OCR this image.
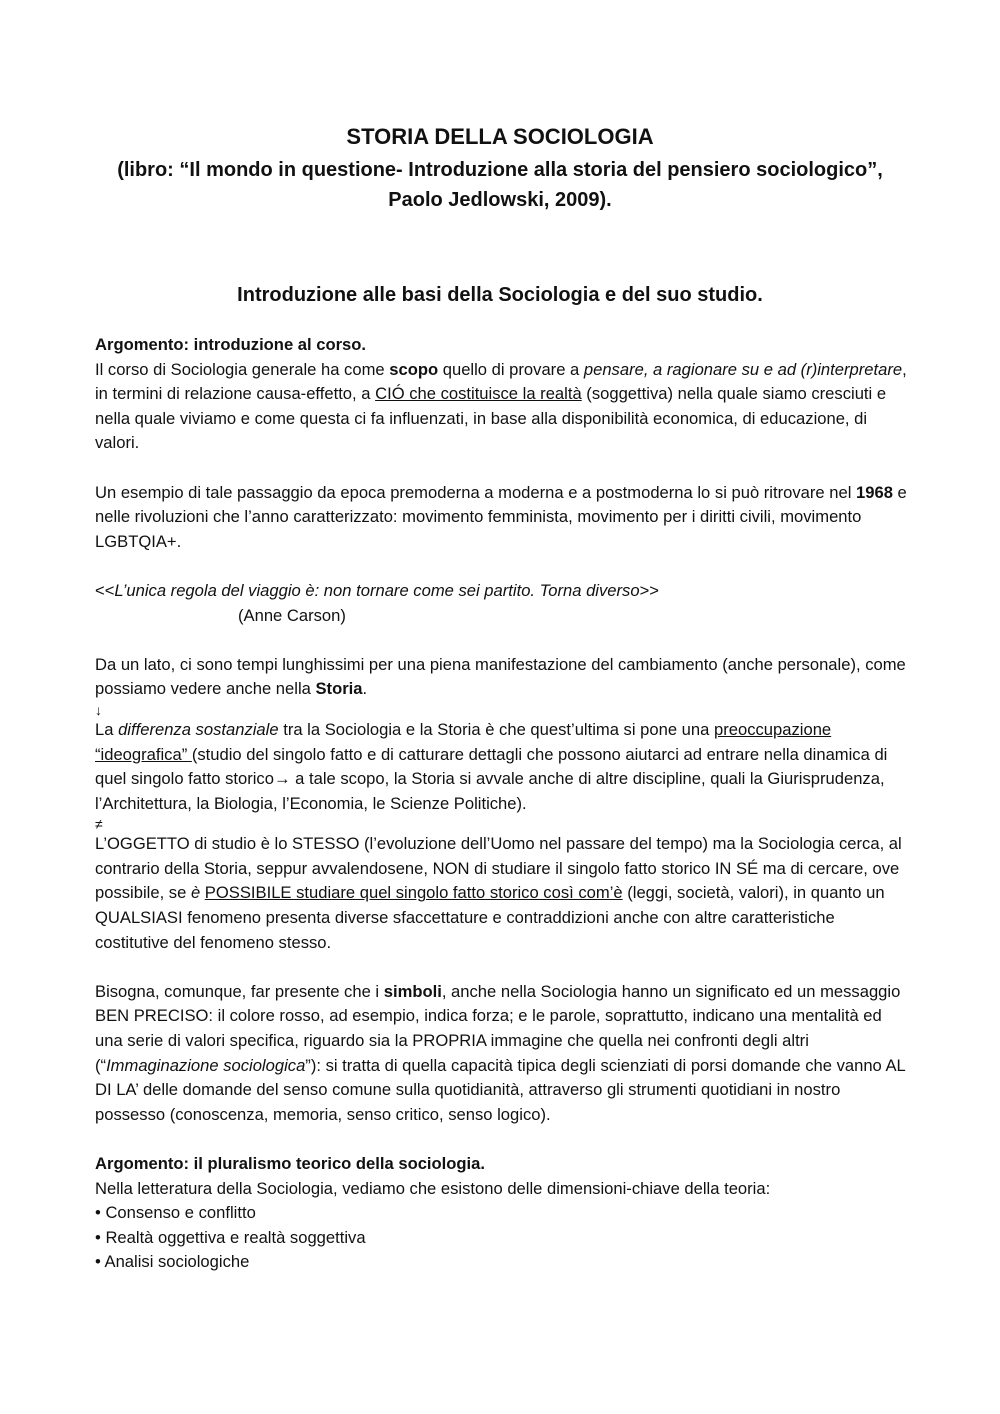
STORIA DELLA SOCIOLOGIA
(libro: “Il mondo in questione- Introduzione alla storia del pensiero sociologico”, Paolo Jedlowski, 2009).
Introduzione alle basi della Sociologia e del suo studio.

Argomento: introduzione al corso.

Il corso di Sociologia generale ha come scopo quello di provare a pensare, a ragionare su e ad (r)interpretare, in termini di relazione causa-effetto, a CIÓ che costituisce la realtà (soggettiva) nella quale siamo cresciuti e nella quale viviamo e come questa ci fa influenzati, in base alla disponibilità economica, di educazione, di valori.

Un esempio di tale passaggio da epoca premoderna a moderna e a postmoderna lo si può ritrovare nel 1968 e nelle rivoluzioni che l’anno caratterizzato: movimento femminista, movimento per i diritti civili, movimento LGBTQIA+.

<<L’unica regola del viaggio è: non tornare come sei partito. Torna diverso>>

(Anne Carson)

Da un lato, ci sono tempi lunghissimi per una piena manifestazione del cambiamento (anche personale), come possiamo vedere anche nella Storia.

↓

La differenza sostanziale tra la Sociologia e la Storia è che quest’ultima si pone una preoccupazione “ideografica” (studio del singolo fatto e di catturare dettagli che possono aiutarci ad entrare nella dinamica di quel singolo fatto storico→ a tale scopo, la Storia si avvale anche di altre discipline, quali la Giurisprudenza, l’Architettura, la Biologia, l’Economia, le Scienze Politiche).

≠

L’OGGETTO di studio è lo STESSO (l’evoluzione dell’Uomo nel passare del tempo) ma la Sociologia cerca, al contrario della Storia, seppur avvalendosene, NON di studiare il singolo fatto storico IN SÉ ma di cercare, ove possibile, se è POSSIBILE studiare quel singolo fatto storico così com’è (leggi, società, valori), in quanto un QUALSIASI fenomeno presenta diverse sfaccettature e contraddizioni anche con altre caratteristiche costitutive del fenomeno stesso.

Bisogna, comunque, far presente che i simboli, anche nella Sociologia hanno un significato ed un messaggio BEN PRECISO: il colore rosso, ad esempio, indica forza; e le parole, soprattutto, indicano una mentalità ed una serie di valori specifica, riguardo sia la PROPRIA immagine che quella nei confronti degli altri (“Immaginazione sociologica”): si tratta di quella capacità tipica degli scienziati di porsi domande che vanno AL DI LA’ delle domande del senso comune sulla quotidianità, attraverso gli strumenti quotidiani in nostro possesso (conoscenza, memoria, senso critico, senso logico).

Argomento: il pluralismo teorico della sociologia.

Nella letteratura della Sociologia, vediamo che esistono delle dimensioni-chiave della teoria:

• Consenso e conflitto
• Realtà oggettiva e realtà soggettiva
• Analisi sociologiche
